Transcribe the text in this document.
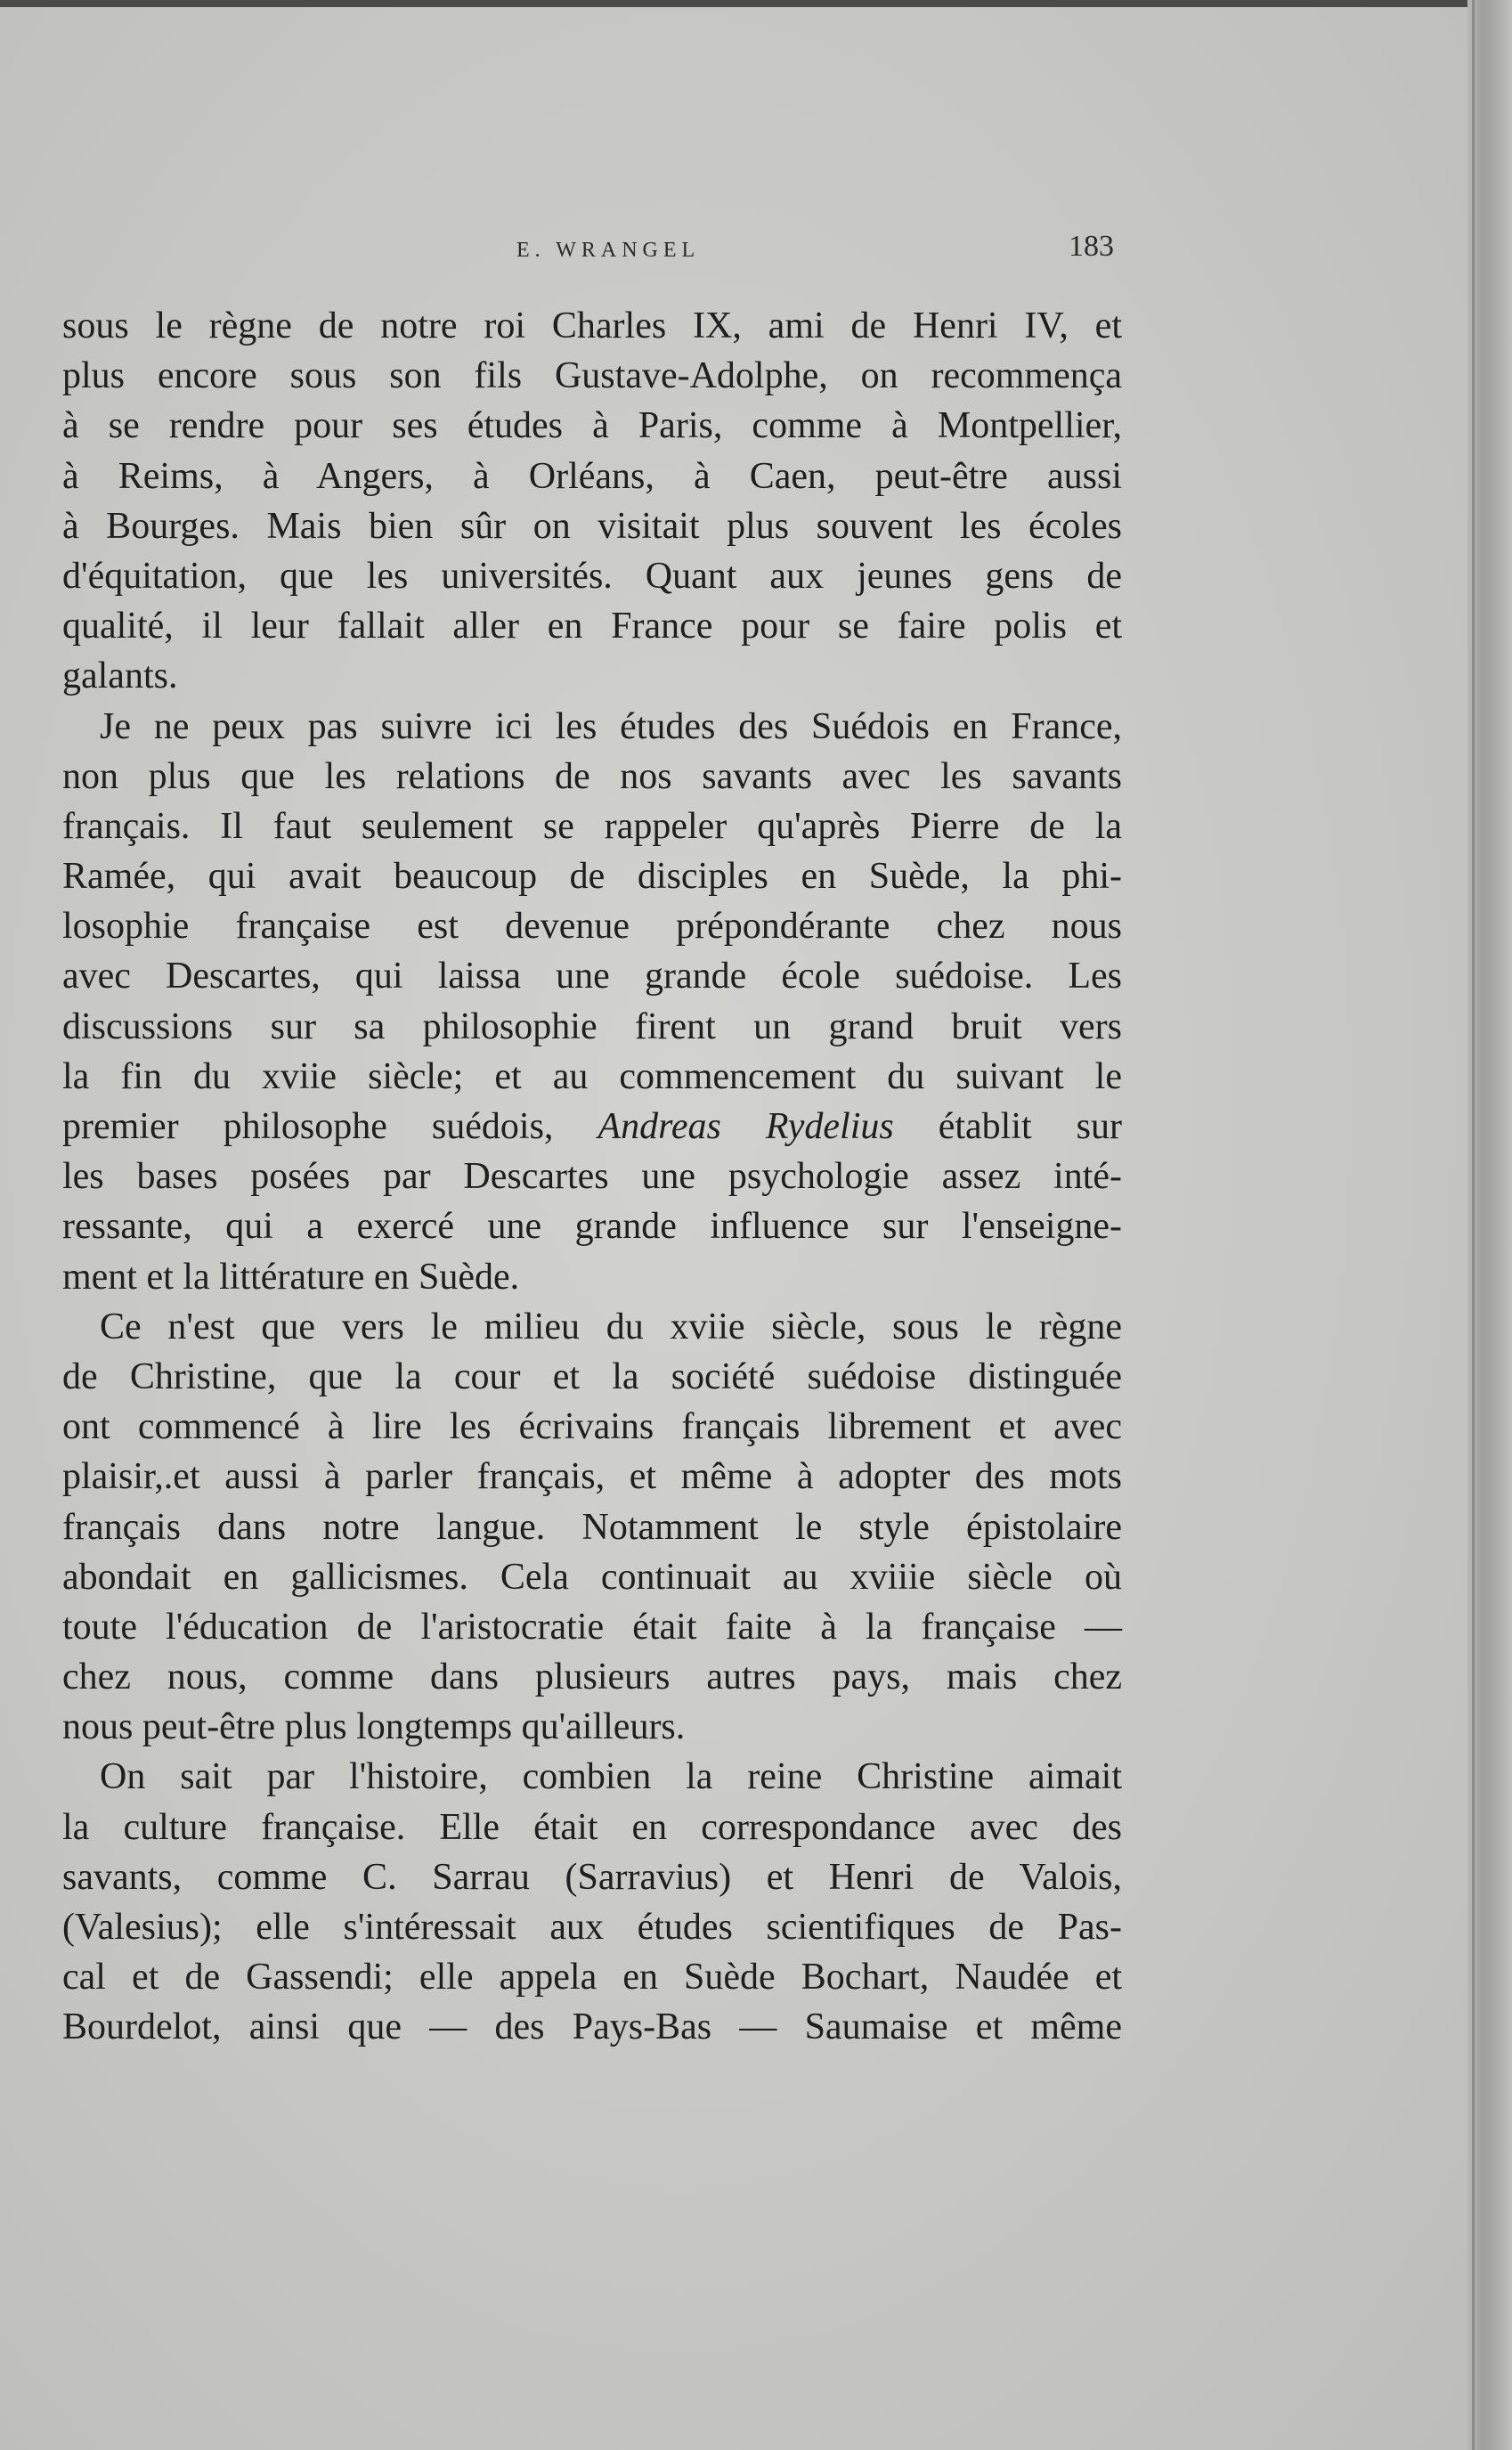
E. WRANGEL	183
sous le règne de notre roi Charles IX, ami de Henri IV, et
plus encore sous son fils Gustave-Adolphe, on recommença
à se rendre pour ses études à Paris, comme à Montpellier,
à Reims, à Angers, à Orléans, à Caen, peut-être aussi
à Bourges. Mais bien sûr on visitait plus souvent les écoles
d'équitation, que les universités. Quant aux jeunes gens de
qualité, il leur fallait aller en France pour se faire polis et
galants.
Je ne peux pas suivre ici les études des Suédois en France,
non plus que les relations de nos savants avec les savants
français. Il faut seulement se rappeler qu'après Pierre de la
Ramée, qui avait beaucoup de disciples en Suède, la phi-
losophie française est devenue prépondérante chez nous
avec Descartes, qui laissa une grande école suédoise. Les
discussions sur sa philosophie firent un grand bruit vers
la fin du xviie siècle; et au commencement du suivant le
premier philosophe suédois, Andreas Rydelius établit sur
les bases posées par Descartes une psychologie assez inté-
ressante, qui a exercé une grande influence sur l'enseigne-
ment et la littérature en Suède.
Ce n'est que vers le milieu du xviie siècle, sous le règne
de Christine, que la cour et la société suédoise distinguée
ont commencé à lire les écrivains français librement et avec
plaisir,.et aussi à parler français, et même à adopter des mots
français dans notre langue. Notamment le style épistolaire
abondait en gallicismes. Cela continuait au xviiie siècle où
toute l'éducation de l'aristocratie était faite à la française —
chez nous, comme dans plusieurs autres pays, mais chez
nous peut-être plus longtemps qu'ailleurs.
On sait par l'histoire, combien la reine Christine aimait
la culture française. Elle était en correspondance avec des
savants, comme C. Sarrau (Sarravius) et Henri de Valois,
(Valesius); elle s'intéressait aux études scientifiques de Pas-
cal et de Gassendi; elle appela en Suède Bochart, Naudée et
Bourdelot, ainsi que — des Pays-Bas — Saumaise et même
